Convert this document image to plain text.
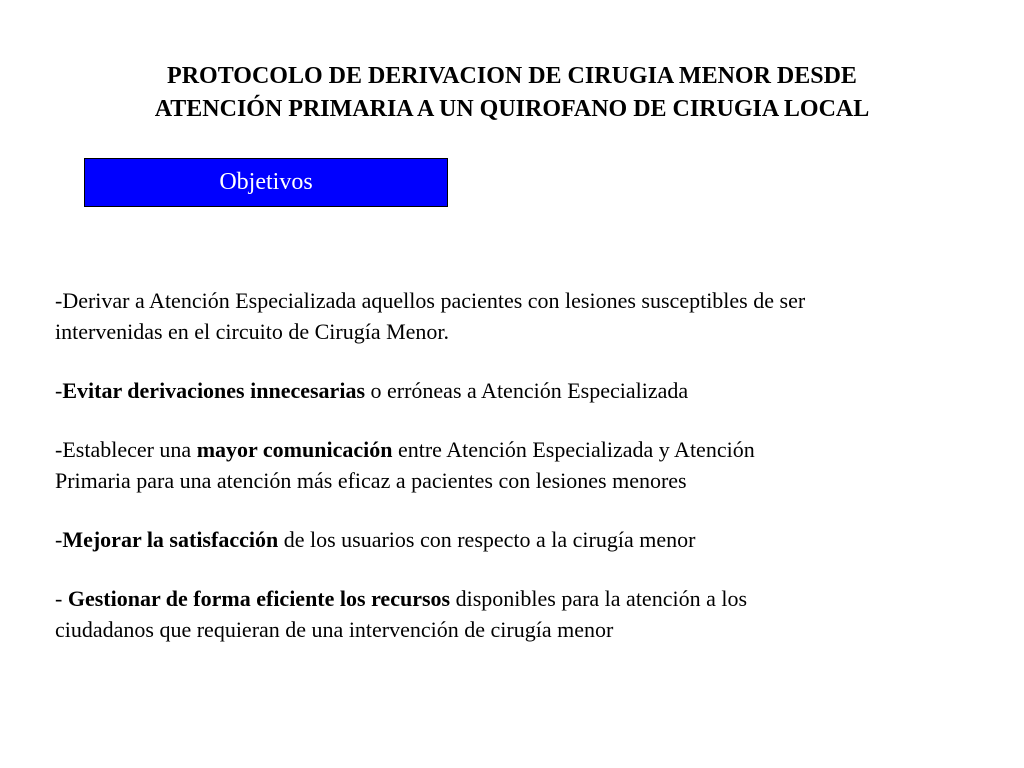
PROTOCOLO DE DERIVACION DE CIRUGIA MENOR DESDE
ATENCIÓN PRIMARIA A UN QUIROFANO DE CIRUGIA LOCAL
Objetivos

-Derivar a Atención Especializada aquellos pacientes con lesiones susceptibles de ser
intervenidas en el circuito de Cirugía Menor.

-Evitar derivaciones innecesarias o erróneas a Atención Especializada

-Establecer una mayor comunicación entre Atención Especializada y Atención
Primaria para una atención más eficaz a pacientes con lesiones menores

-Mejorar la satisfacción de los usuarios con respecto a la cirugía menor

- Gestionar de forma eficiente los recursos disponibles para la atención a los
ciudadanos que requieran de una intervención de cirugía menor
